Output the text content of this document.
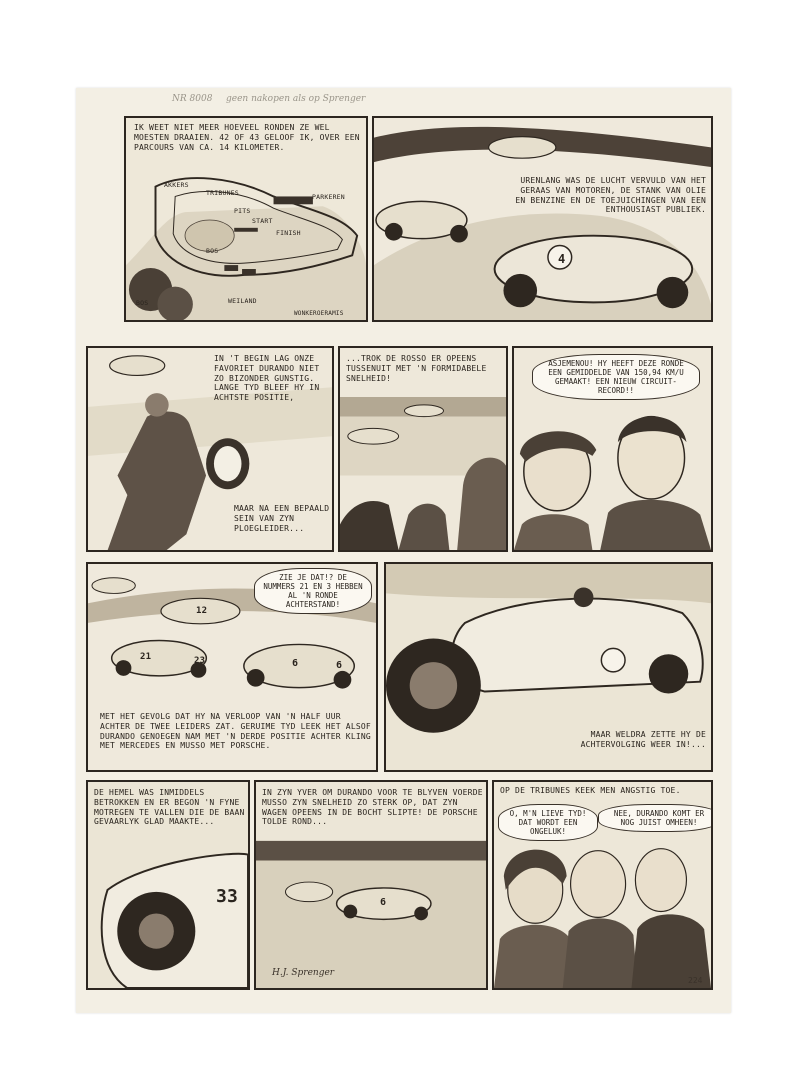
NR 8008 geen nakopen als op Sprenger
IK WEET NIET MEER HOEVEEL RONDEN ZE WEL MOESTEN DRAAIEN. 42 OF 43 GELOOF IK, OVER EEN PARCOURS VAN CA. 14 KILOMETER.
AKKERS
PITS
START
FINISH
PARKEREN
TRIBUNES
BOS
BOS	WEILAND
WONKEROERAMIS
URENLANG WAS DE LUCHT VERVULD VAN HET GERAAS VAN MOTOREN, DE STANK VAN OLIE EN BENZINE EN DE TOEJUICHINGEN VAN EEN ENTHOUSIAST PUBLIEK.
4
IN 'T BEGIN LAG ONZE FAVORIET DURANDO NIET ZO BIZONDER GUNSTIG. LANGE TYD BLEEF HY IN ACHTSTE POSITIE,
MAAR NA EEN BEPAALD SEIN VAN ZYN PLOEGLEIDER...
...TROK DE ROSSO ER OPEENS TUSSENUIT MET 'N FORMIDABELE SNELHEID!
ASJEMENOU! HY HEEFT DEZE RONDE EEN GEMIDDELDE VAN 150,94 KM/U GEMAAKT! EEN NIEUW CIRCUIT-RECORD!!
ZIE JE DAT!? DE NUMMERS 21 EN 3 HEBBEN AL 'N RONDE ACHTERSTAND!
12
21	23	6	6
MET HET GEVOLG DAT HY NA VERLOOP VAN 'N HALF UUR ACHTER DE TWEE LEIDERS ZAT. GERUIME TYD LEEK HET ALSOF DURANDO GENOEGEN NAM MET 'N DERDE POSITIE ACHTER KLING MET MERCEDES EN MUSSO MET PORSCHE.
MAAR WELDRA ZETTE HY DE ACHTERVOLGING WEER IN!...
DE HEMEL WAS INMIDDELS BETROKKEN EN ER BEGON 'N FYNE MOTREGEN TE VALLEN DIE DE BAAN GEVAARLYK GLAD MAAKTE...
33
IN ZYN YVER OM DURANDO VOOR TE BLYVEN VOERDE MUSSO ZYN SNELHEID ZO STERK OP, DAT ZYN WAGEN OPEENS IN DE BOCHT SLIPTE! DE PORSCHE TOLDE ROND...
6
OP DE TRIBUNES KEEK MEN ANGSTIG TOE.
O, M'N LIEVE TYD! DAT WORDT EEN ONGELUK!
NEE, DURANDO KOMT ER NOG JUIST OMHEEN!
H.J. Sprenger
224
